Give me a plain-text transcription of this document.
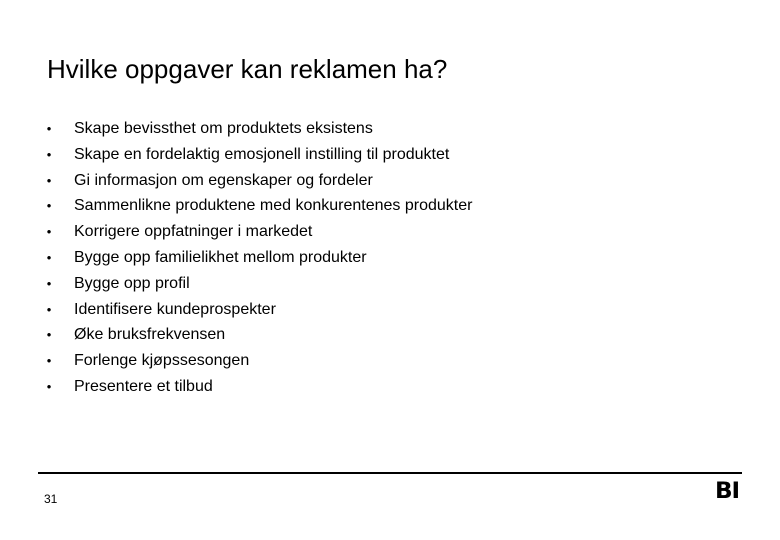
Hvilke oppgaver kan reklamen ha?
• Skape bevissthet om produktets eksistens
• Skape en fordelaktig emosjonell instilling til produktet
• Gi informasjon om egenskaper og fordeler
• Sammenlikne produktene med konkurentenes produkter
• Korrigere oppfatninger i markedet
• Bygge opp familielikhet mellom produkter
• Bygge opp profil
• Identifisere kundeprospekter
• Øke bruksfrekvensen
• Forlenge kjøpssesongen
• Presentere et tilbud
31	BI
